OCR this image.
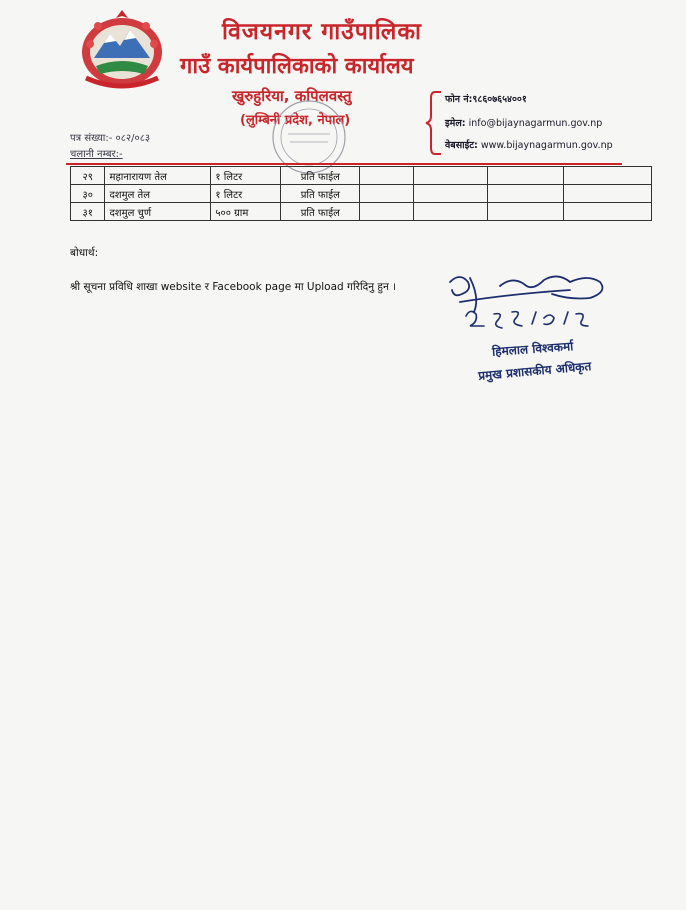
विजयनगर गाउँपालिका
गाउँ कार्यपालिकाको कार्यालय
खुरुहुरिया, कपिलवस्तु
(लुम्बिनी प्रदेश, नेपाल)
फोन नं:९८६०७६५४००१
इमेल: info@bijaynagarmun.gov.np
वेबसाईट: www.bijaynagarmun.gov.np
पत्र संख्या:- ०८२/०८३
चलानी नम्बर:-
२९	महानारायण तेल	१ लिटर	प्रति फाईल				
३०	दशमुल तेल	१ लिटर	प्रति फाईल				
३१	दशमुल चुर्ण	५०० ग्राम	प्रति फाईल				
बोधार्थ:
श्री सूचना प्रविधि शाखा website र Facebook page मा Upload गरिदिनु हुन ।
हिमलाल विश्वकर्मा
प्रमुख प्रशासकीय अधिकृत
